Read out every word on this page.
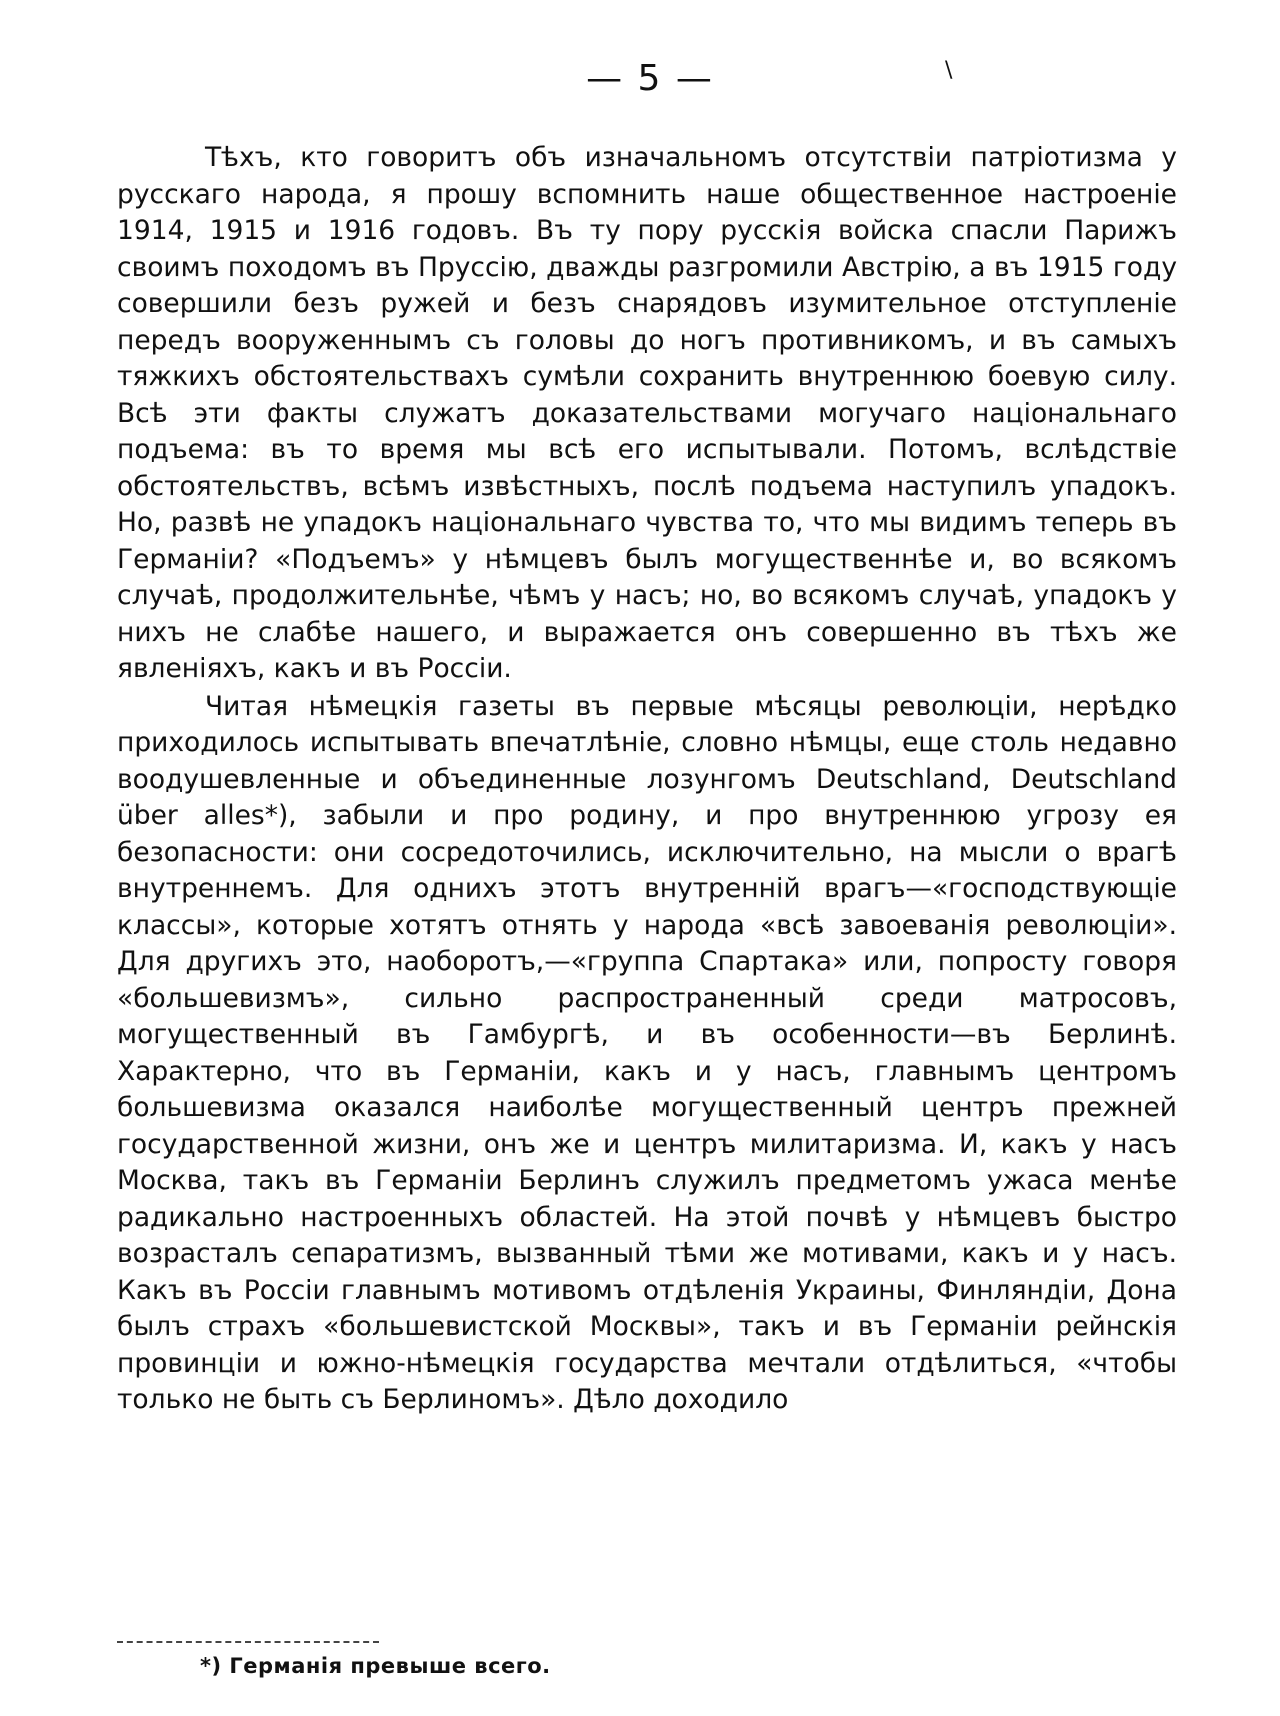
— 5 —	\

Тѣхъ, кто говоритъ объ изначальномъ отсутствіи патріотизма у русскаго народа, я прошу вспомнить наше общественное настроеніе 1914, 1915 и 1916 годовъ. Въ ту пору русскія войска спасли Парижъ своимъ походомъ въ Пруссію, дважды разгромили Австрію, а въ 1915 году совершили безъ ружей и безъ снарядовъ изумительное отступленіе передъ вооруженнымъ съ головы до ногъ противникомъ, и въ самыхъ тяжкихъ обстоятельствахъ сумѣли сохранить внутреннюю боевую силу. Всѣ эти факты служатъ доказательствами могучаго національнаго подъема: въ то время мы всѣ его испытывали. Потомъ, вслѣдствіе обстоятельствъ, всѣмъ извѣстныхъ, послѣ подъема наступилъ упадокъ. Но, развѣ не упадокъ національнаго чувства то, что мы видимъ теперь въ Германіи? «Подъемъ» у нѣмцевъ былъ могущественнѣе и, во всякомъ случаѣ, продолжительнѣе, чѣмъ у насъ; но, во всякомъ случаѣ, упадокъ у нихъ не слабѣе нашего, и выражается онъ совершенно въ тѣхъ же явленіяхъ, какъ и въ Россіи.

Читая нѣмецкія газеты въ первые мѣсяцы революціи, нерѣдко приходилось испытывать впечатлѣніе, словно нѣмцы, еще столь недавно воодушевленные и объединенные лозунгомъ Deutschland, Deutschland über alles*), забыли и про родину, и про внутреннюю угрозу ея безопасности: они сосредоточились, исключительно, на мысли о врагѣ внутреннемъ. Для однихъ этотъ внутренній врагъ—«господствующіе классы», которые хотятъ отнять у народа «всѣ завоеванія революціи». Для другихъ это, наоборотъ,—«группа Спартака» или, попросту говоря «большевизмъ», сильно распространенный среди матросовъ, могущественный въ Гамбургѣ, и въ особенности—въ Берлинѣ. Характерно, что въ Германіи, какъ и у насъ, главнымъ центромъ большевизма оказался наиболѣе могущественный центръ прежней государственной жизни, онъ же и центръ милитаризма. И, какъ у насъ Москва, такъ въ Германіи Берлинъ служилъ предметомъ ужаса менѣе радикально настроенныхъ областей. На этой почвѣ у нѣмцевъ быстро возрасталъ сепаратизмъ, вызванный тѣми же мотивами, какъ и у насъ. Какъ въ Россіи главнымъ мотивомъ отдѣленія Украины, Финляндіи, Дона былъ страхъ «большевистской Москвы», такъ и въ Германіи рейнскія провинціи и южно-нѣмецкія государства мечтали отдѣлиться, «чтобы только не быть съ Берлиномъ». Дѣло доходило

*) Германія превыше всего.
